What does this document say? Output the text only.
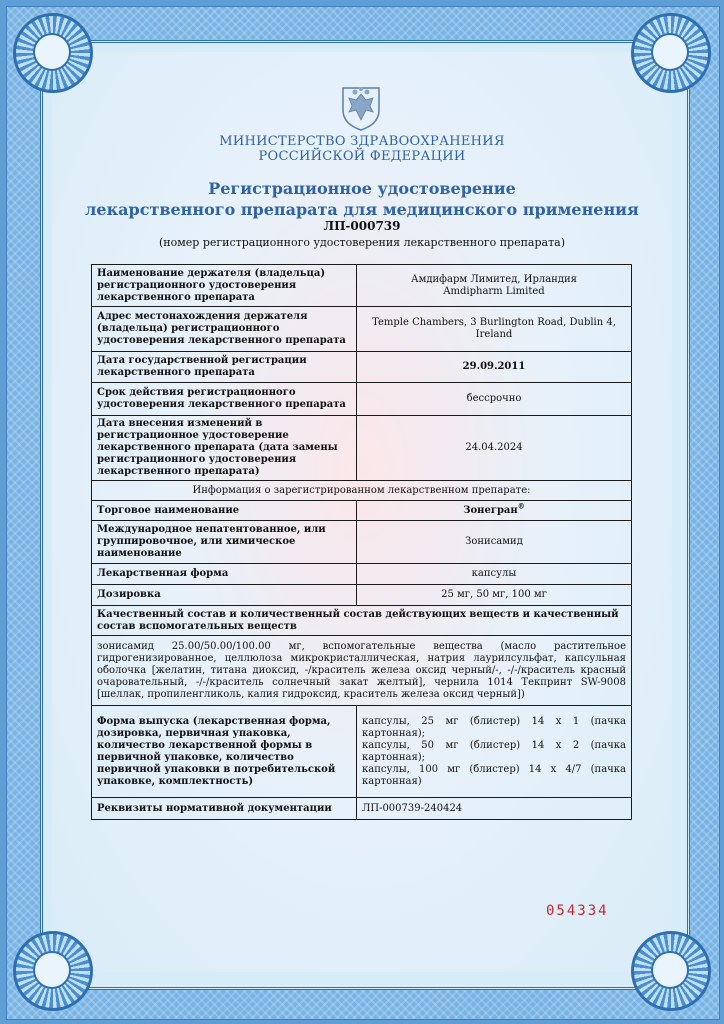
МИНИСТЕРСТВО ЗДРАВООХРАНЕНИЯ
РОССИЙСКОЙ ФЕДЕРАЦИИ
Регистрационное удостоверение
лекарственного препарата для медицинского применения
ЛП-000739
(номер регистрационного удостоверения лекарственного препарата)
Наименование держателя (владельца) регистрационного удостоверения лекарственного препарата	Амдифарм Лимитед, Ирландия
Amdipharm Limited

Адрес местонахождения держателя (владельца) регистрационного удостоверения лекарственного препарата	Temple Chambers, 3 Burlington Road, Dublin 4, Ireland
Дата государственной регистрации лекарственного препарата	29.09.2011
Срок действия регистрационного удостоверения лекарственного препарата	бессрочно
Дата внесения изменений в регистрационное удостоверение лекарственного препарата (дата замены регистрационного удостоверения лекарственного препарата)	24.04.2024
Информация о зарегистрированном лекарственном препарате:	
Торговое наименование	Зонегран®
Международное непатентованное, или группировочное, или химическое наименование	Зонисамид
Лекарственная форма	капсулы
Дозировка	25 мг, 50 мг, 100 мг
Качественный состав и количественный состав действующих веществ и качественный состав вспомогательных веществ	
зонисамид 25.00/50.00/100.00 мг, вспомогательные вещества (масло растительное гидрогенизированное, целлюлоза микрокристаллическая, натрия лаурилсульфат, капсульная оболочка [желатин, титана диоксид, -/краситель железа оксид черный/-, -/-/краситель красный очаровательный, -/-/краситель солнечный закат желтый], чернила 1014 Текпринт SW-9008 [шеллак, пропиленгликоль, калия гидроксид, краситель железа оксид черный])	
Форма выпуска (лекарственная форма, дозировка, первичная упаковка, количество лекарственной формы в первичной упаковке, количество первичной упаковки в потребительской упаковке, комплектность)	капсулы, 25 мг (блистер) 14 x 1 (пачка картонная);
капсулы, 50 мг (блистер) 14 x 2 (пачка картонная);
капсулы, 100 мг (блистер) 14 x 4/7 (пачка картонная)

Реквизиты нормативной документации	ЛП-000739-240424
054334
